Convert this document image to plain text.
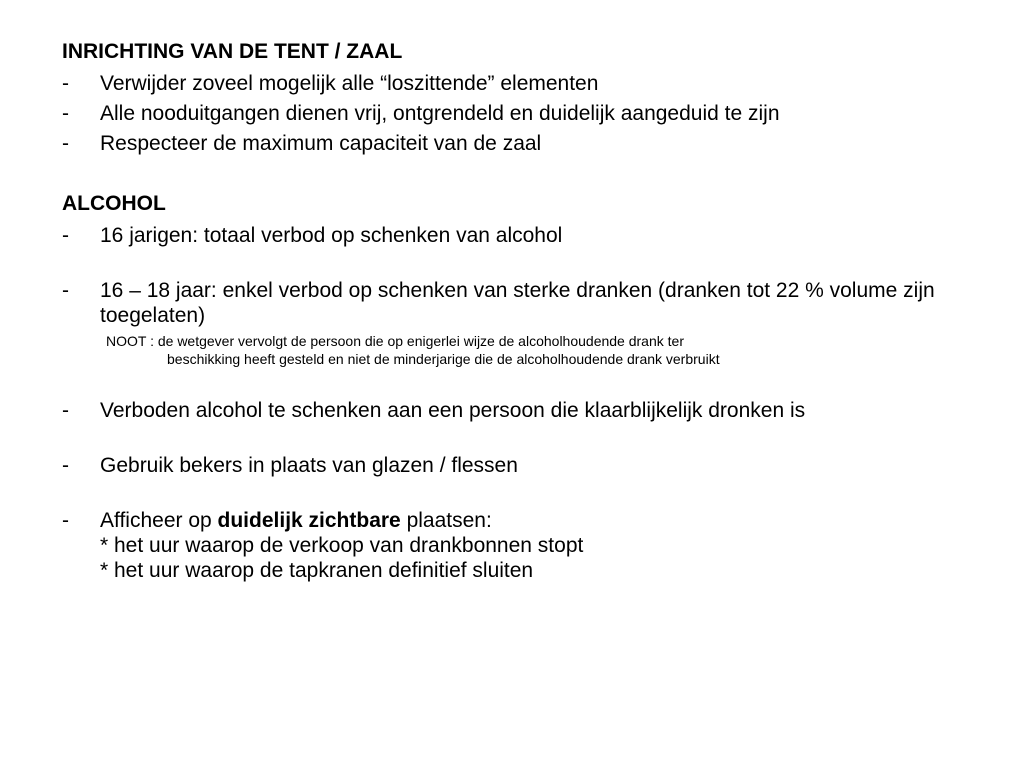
INRICHTING VAN DE TENT / ZAAL

-	Verwijder zoveel mogelijk alle “loszittende” elementen
-	Alle nooduitgangen dienen vrij, ontgrendeld en duidelijk aangeduid te zijn
-	Respecteer de maximum capaciteit van de zaal

ALCOHOL

-	16 jarigen: totaal verbod op schenken van alcohol
-	16 – 18 jaar: enkel verbod op schenken van sterke dranken (dranken tot 22 % volume zijn toegelaten)
NOOT : de wetgever vervolgt de persoon die op enigerlei wijze de alcoholhoudende drank ter
beschikking heeft gesteld en niet de minderjarige die de alcoholhoudende drank verbruikt
-	Verboden alcohol te schenken aan een persoon die klaarblijkelijk dronken is
-	Gebruik bekers in plaats van glazen / flessen
-	Afficheer op duidelijk zichtbare plaatsen:
* het uur waarop de verkoop van drankbonnen stopt
* het uur waarop de tapkranen definitief sluiten
